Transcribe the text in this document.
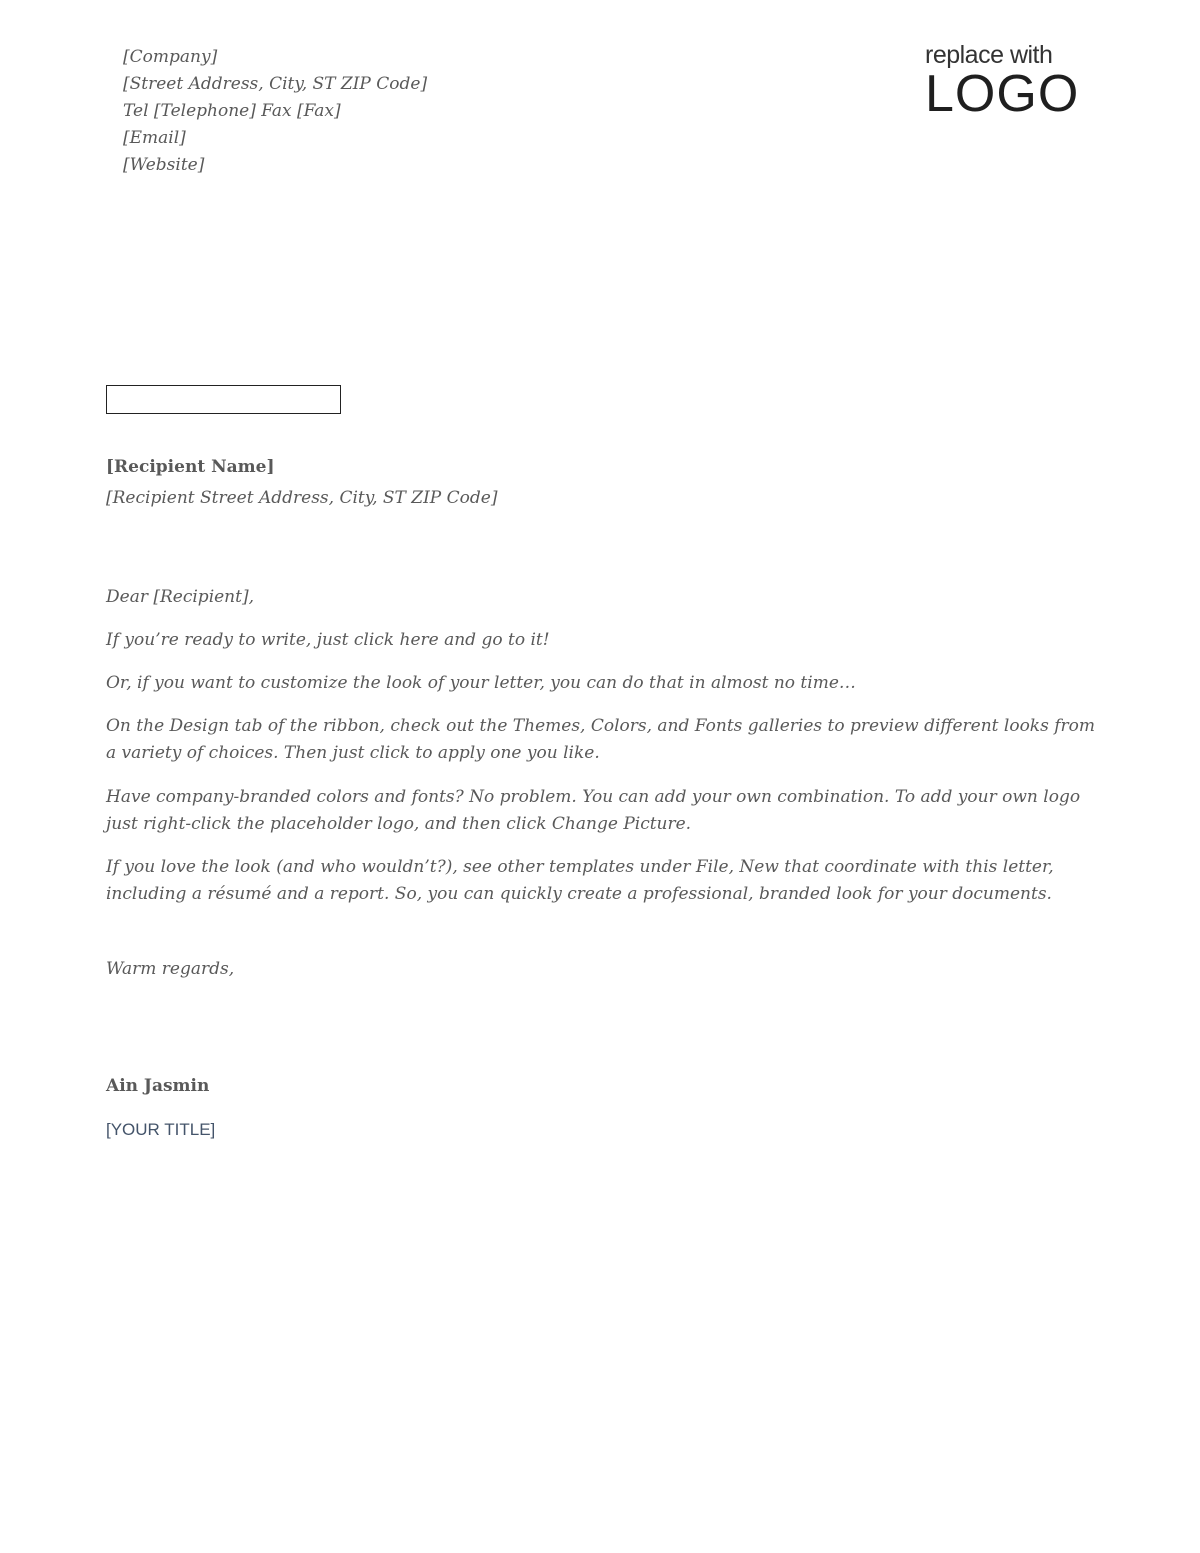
[Company]
[Street Address, City, ST ZIP Code]
Tel [Telephone] Fax [Fax]
[Email]
[Website]
replace with
LOGO
[Recipient Name]
[Recipient Street Address, City, ST ZIP Code]
Dear [Recipient],
If you’re ready to write, just click here and go to it!
Or, if you want to customize the look of your letter, you can do that in almost no time…
On the Design tab of the ribbon, check out the Themes, Colors, and Fonts galleries to preview different looks from a variety of choices. Then just click to apply one you like.
Have company-branded colors and fonts? No problem. You can add your own combination. To add your own logo just right-click the placeholder logo, and then click Change Picture.
If you love the look (and who wouldn’t?), see other templates under File, New that coordinate with this letter, including a résumé and a report. So, you can quickly create a professional, branded look for your documents.
Warm regards,
Ain Jasmin
[YOUR TITLE]
